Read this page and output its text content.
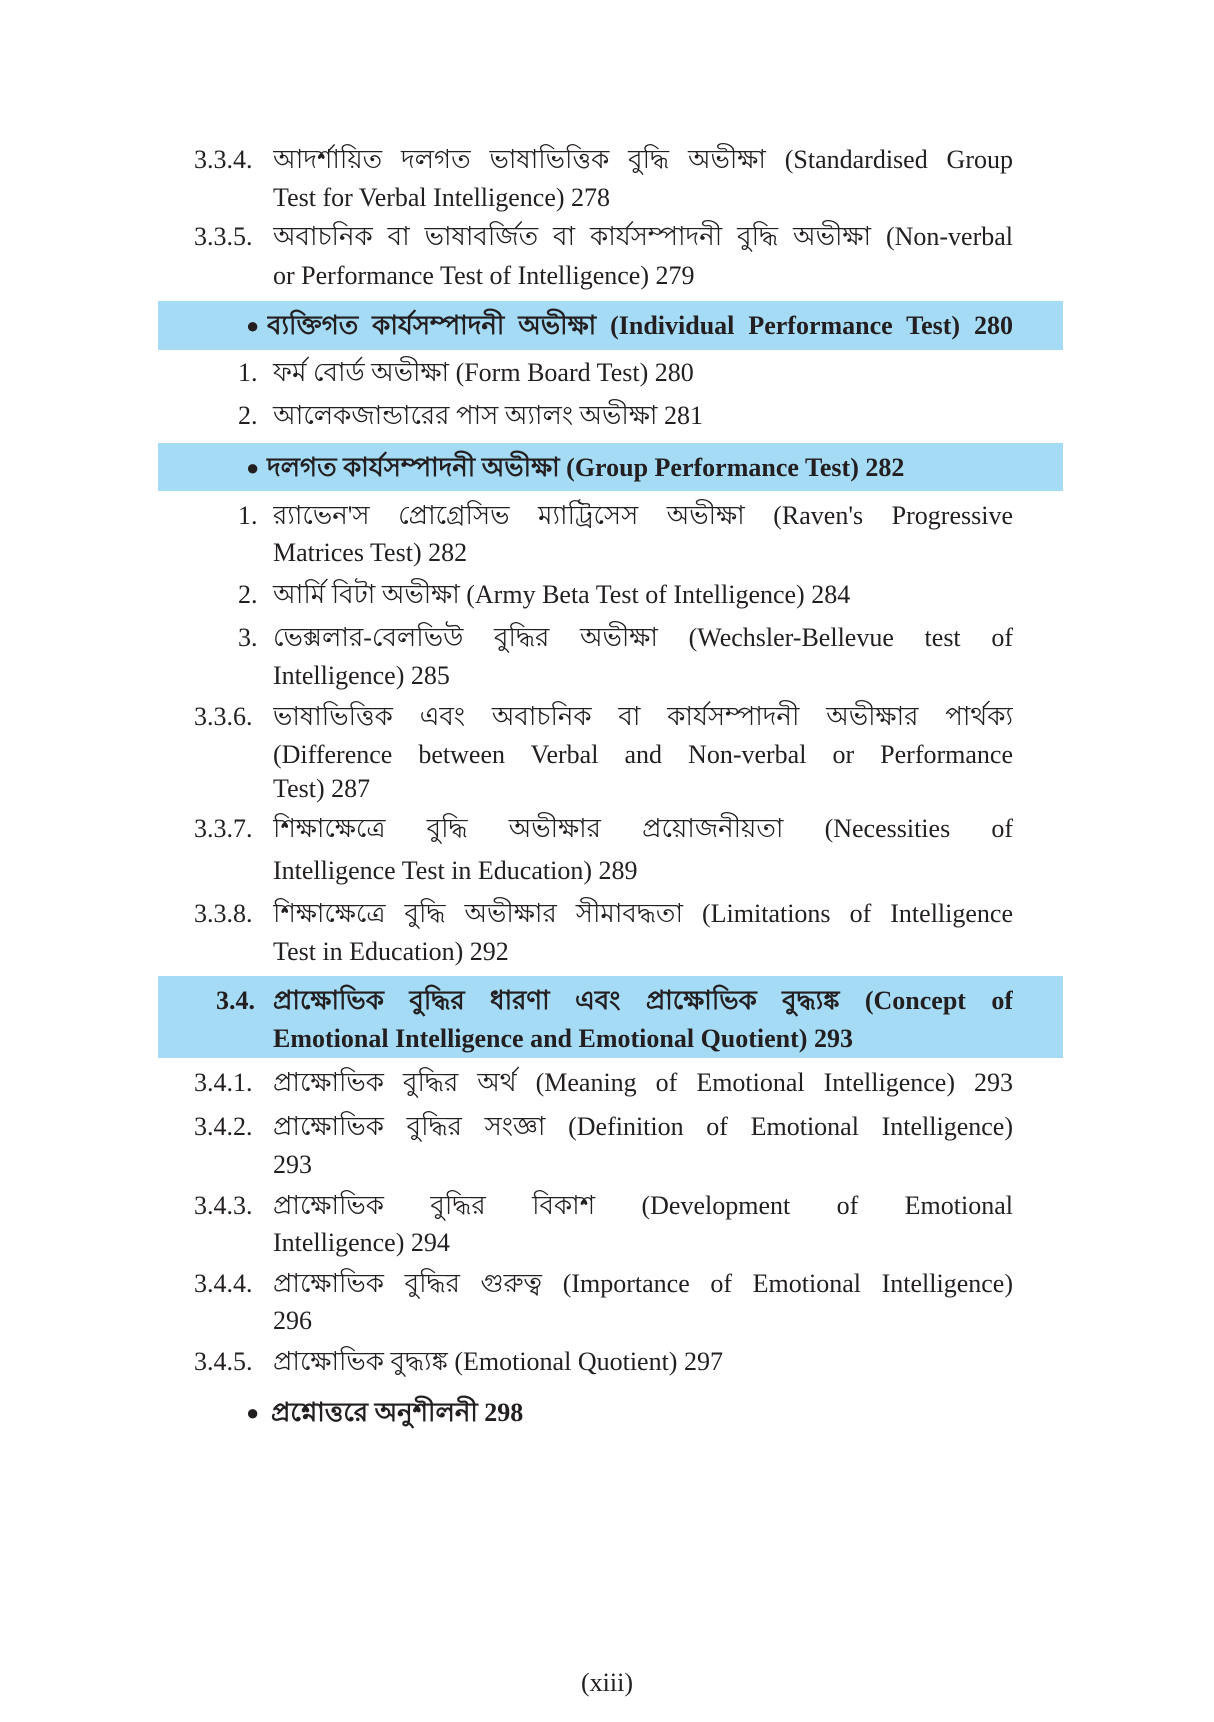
3.3.4. আদর্শায়িত দলগত ভাষাভিত্তিক বুদ্ধি অভীক্ষা (Standardised Group
Test for Verbal Intelligence) 278
3.3.5. অবাচনিক বা ভাষাবর্জিত বা কার্যসম্পাদনী বুদ্ধি অভীক্ষা (Non-verbal
or Performance Test of Intelligence) 279
● ব্যক্তিগত কার্যসম্পাদনী অভীক্ষা (Individual Performance Test) 280
1. ফর্ম বোর্ড অভীক্ষা (Form Board Test) 280
2. আলেকজান্ডারের পাস অ্যালং অভীক্ষা 281
● দলগত কার্যসম্পাদনী অভীক্ষা (Group Performance Test) 282
1. র‍্যাভেন'স প্রোগ্রেসিভ ম্যাট্রিসেস অভীক্ষা (Raven's Progressive
Matrices Test) 282
2. আর্মি বিটা অভীক্ষা (Army Beta Test of Intelligence) 284
3. ভেক্সলার-বেলভিউ বুদ্ধির অভীক্ষা (Wechsler-Bellevue test of
Intelligence) 285
3.3.6. ভাষাভিত্তিক এবং অবাচনিক বা কার্যসম্পাদনী অভীক্ষার পার্থক্য
(Difference between Verbal and Non-verbal or Performance
Test) 287
3.3.7. শিক্ষাক্ষেত্রে বুদ্ধি অভীক্ষার প্রয়োজনীয়তা (Necessities of
Intelligence Test in Education) 289
3.3.8. শিক্ষাক্ষেত্রে বুদ্ধি অভীক্ষার সীমাবদ্ধতা (Limitations of Intelligence
Test in Education) 292
3.4. প্রাক্ষোভিক বুদ্ধির ধারণা এবং প্রাক্ষোভিক বুদ্ধ্যঙ্ক (Concept of
Emotional Intelligence and Emotional Quotient) 293
3.4.1. প্রাক্ষোভিক বুদ্ধির অর্থ (Meaning of Emotional Intelligence) 293
3.4.2. প্রাক্ষোভিক বুদ্ধির সংজ্ঞা (Definition of Emotional Intelligence)
293
3.4.3. প্রাক্ষোভিক বুদ্ধির বিকাশ (Development of Emotional
Intelligence) 294
3.4.4. প্রাক্ষোভিক বুদ্ধির গুরুত্ব (Importance of Emotional Intelligence)
296
3.4.5. প্রাক্ষোভিক বুদ্ধ্যঙ্ক (Emotional Quotient) 297
● প্রশ্নোত্তরে অনুশীলনী 298
(xiii)
